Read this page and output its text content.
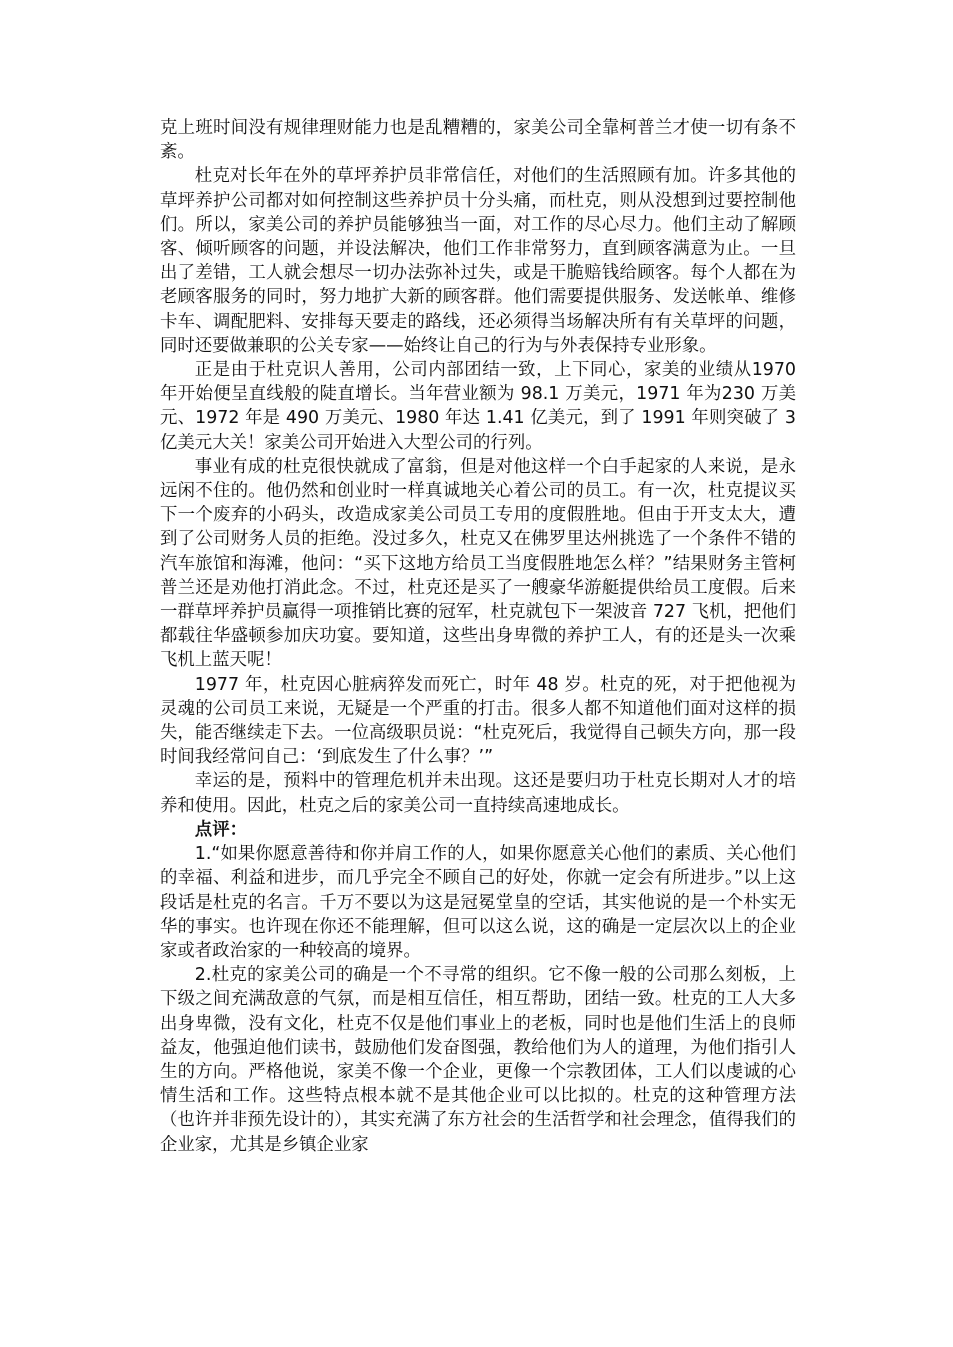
克上班时间没有规律理财能力也是乱糟糟的，家美公司全靠柯普兰才使一切有条不紊。

杜克对长年在外的草坪养护员非常信任，对他们的生活照顾有加。许多其他的草坪养护公司都对如何控制这些养护员十分头痛，而杜克，则从没想到过要控制他们。所以，家美公司的养护员能够独当一面，对工作的尽心尽力。他们主动了解顾客、倾听顾客的问题，并设法解决，他们工作非常努力，直到顾客满意为止。一旦出了差错，工人就会想尽一切办法弥补过失，或是干脆赔钱给顾客。每个人都在为老顾客服务的同时，努力地扩大新的顾客群。他们需要提供服务、发送帐单、维修卡车、调配肥料、安排每天要走的路线，还必须得当场解决所有有关草坪的问题，同时还要做兼职的公关专家——始终让自己的行为与外表保持专业形象。

正是由于杜克识人善用，公司内部团结一致，上下同心，家美的业绩从1970 年开始便呈直线般的陡直增长。当年营业额为 98.1 万美元，1971 年为230 万美元、1972 年是 490 万美元、1980 年达 1.41 亿美元，到了 1991 年则突破了 3 亿美元大关！家美公司开始进入大型公司的行列。

事业有成的杜克很快就成了富翁，但是对他这样一个白手起家的人来说，是永远闲不住的。他仍然和创业时一样真诚地关心着公司的员工。有一次，杜克提议买下一个废弃的小码头，改造成家美公司员工专用的度假胜地。但由于开支太大，遭到了公司财务人员的拒绝。没过多久，杜克又在佛罗里达州挑选了一个条件不错的汽车旅馆和海滩，他问：“买下这地方给员工当度假胜地怎么样？”结果财务主管柯普兰还是劝他打消此念。不过，杜克还是买了一艘豪华游艇提供给员工度假。后来一群草坪养护员赢得一项推销比赛的冠军，杜克就包下一架波音 727 飞机，把他们都载往华盛顿参加庆功宴。要知道，这些出身卑微的养护工人，有的还是头一次乘飞机上蓝天呢！

1977 年，杜克因心脏病猝发而死亡，时年 48 岁。杜克的死，对于把他视为灵魂的公司员工来说，无疑是一个严重的打击。很多人都不知道他们面对这样的损失，能否继续走下去。一位高级职员说：“杜克死后，我觉得自己顿失方向，那一段时间我经常问自己：‘到底发生了什么事？’”

幸运的是，预料中的管理危机并未出现。这还是要归功于杜克长期对人才的培养和使用。因此，杜克之后的家美公司一直持续高速地成长。

点评：

1.“如果你愿意善待和你并肩工作的人，如果你愿意关心他们的素质、关心他们的幸福、利益和进步，而几乎完全不顾自己的好处，你就一定会有所进步。”以上这段话是杜克的名言。千万不要以为这是冠冕堂皇的空话，其实他说的是一个朴实无华的事实。也许现在你还不能理解，但可以这么说，这的确是一定层次以上的企业家或者政治家的一种较高的境界。

2.杜克的家美公司的确是一个不寻常的组织。它不像一般的公司那么刻板，上下级之间充满敌意的气氛，而是相互信任，相互帮助，团结一致。杜克的工人大多出身卑微，没有文化，杜克不仅是他们事业上的老板，同时也是他们生活上的良师益友，他强迫他们读书，鼓励他们发奋图强，教给他们为人的道理，为他们指引人生的方向。严格他说，家美不像一个企业，更像一个宗教团体，工人们以虔诚的心情生活和工作。这些特点根本就不是其他企业可以比拟的。杜克的这种管理方法（也许并非预先设计的），其实充满了东方社会的生活哲学和社会理念，值得我们的企业家，尤其是乡镇企业家
